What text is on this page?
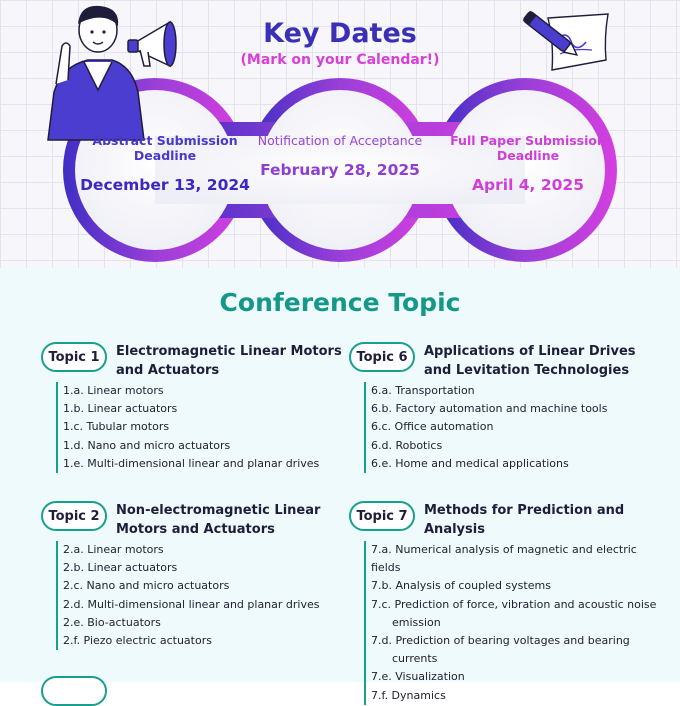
Key Dates
(Mark on your Calendar!)
Abstract Submission Deadline
December 13, 2024
Notification of Acceptance
February 28, 2025
Full Paper Submission Deadline
April 4, 2025
Conference Topic
Topic 1	Electromagnetic Linear Motors and Actuators
1.a. Linear motors
1.b. Linear actuators
1.c. Tubular motors
1.d. Nano and micro actuators
1.e. Multi-dimensional linear and planar drives
Topic 2	Non-electromagnetic Linear Motors and Actuators
2.a. Linear motors
2.b. Linear actuators
2.c. Nano and micro actuators
2.d. Multi-dimensional linear and planar drives
2.e. Bio-actuators
2.f. Piezo electric actuators
Topic 6	Applications of Linear Drives and Levitation Technologies
6.a. Transportation
6.b. Factory automation and machine tools
6.c. Office automation
6.d. Robotics
6.e. Home and medical applications
Topic 7	Methods for Prediction and Analysis
7.a. Numerical analysis of magnetic and electric fields
7.b. Analysis of coupled systems
7.c. Prediction of force, vibration and acoustic noise emission
7.d. Prediction of bearing voltages and bearing currents
7.e. Visualization
7.f. Dynamics
